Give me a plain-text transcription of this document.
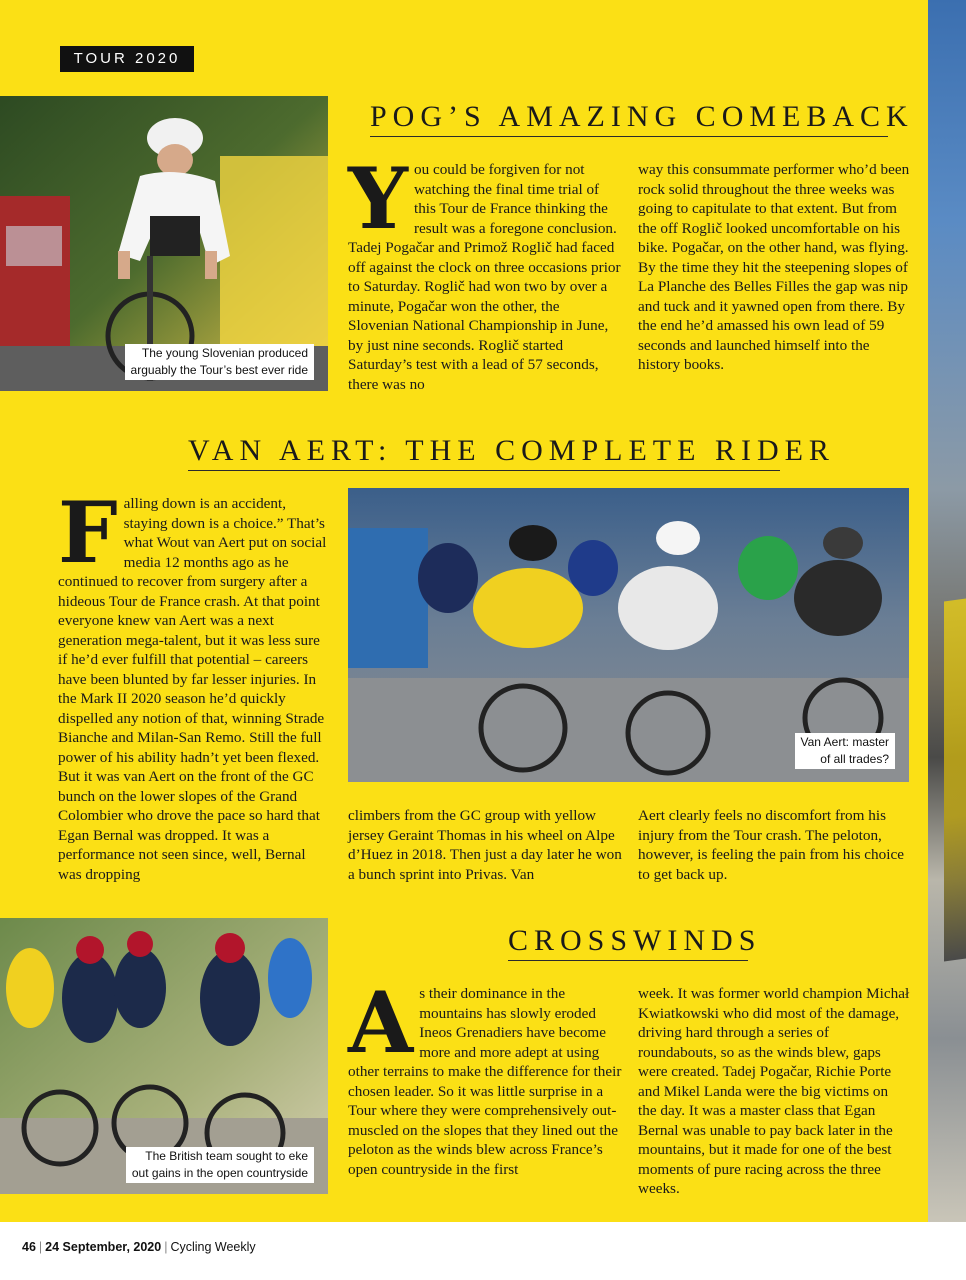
TOUR 2020
The young Slovenian produced
arguably the Tour’s best ever ride
POG’S AMAZING COMEBACK
Y ou could be forgiven for not watching the final time trial of this Tour de France thinking the result was a foregone conclusion. Tadej Pogačar and Primož Roglič had faced off against the clock on three occasions prior to Saturday. Roglič had won two by over a minute, Pogačar won the other, the Slovenian National Championship in June, by just nine seconds. Roglič started Saturday’s test with a lead of 57 seconds, there was no
way this consummate performer who’d been rock solid throughout the three weeks was going to capitulate to that extent. But from the off Roglič looked uncomfortable on his bike. Pogačar, on the other hand, was flying. By the time they hit the steepening slopes of La Planche des Belles Filles the gap was nip and tuck and it yawned open from there. By the end he’d amassed his own lead of 59 seconds and launched himself into the history books.
VAN AERT: THE COMPLETE RIDER
F alling down is an accident, staying down is a choice.” That’s what Wout van Aert put on social media 12 months ago as he continued to recover from surgery after a hideous Tour de France crash. At that point everyone knew van Aert was a next generation mega-talent, but it was less sure if he’d ever fulfill that potential – careers have been blunted by far lesser injuries. In the Mark II 2020 season he’d quickly dispelled any notion of that, winning Strade Bianche and Milan-San Remo. Still the full power of his ability hadn’t yet been flexed. But it was van Aert on the front of the GC bunch on the lower slopes of the Grand Colombier who drove the pace so hard that Egan Bernal was dropped. It was a performance not seen since, well, Bernal was dropping
Van Aert: master
of all trades?
climbers from the GC group with yellow jersey Geraint Thomas in his wheel on Alpe d’Huez in 2018. Then just a day later he won a bunch sprint into Privas. Van
Aert clearly feels no discomfort from his injury from the Tour crash. The peloton, however, is feeling the pain from his choice to get back up.
The British team sought to eke
out gains in the open countryside
CROSSWINDS
A s their dominance in the mountains has slowly eroded Ineos Grenadiers have become more and more adept at using other terrains to make the difference for their chosen leader. So it was little surprise in a Tour where they were comprehensively out-muscled on the slopes that they lined out the peloton as the winds blew across France’s open countryside in the first
week. It was former world champion Michał Kwiatkowski who did most of the damage, driving hard through a series of roundabouts, so as the winds blew, gaps were created. Tadej Pogačar, Richie Porte and Mikel Landa were the big victims on the day. It was a master class that Egan Bernal was unable to pay back later in the mountains, but it made for one of the best moments of pure racing across the three weeks.
46 | 24 September, 2020 | Cycling Weekly
